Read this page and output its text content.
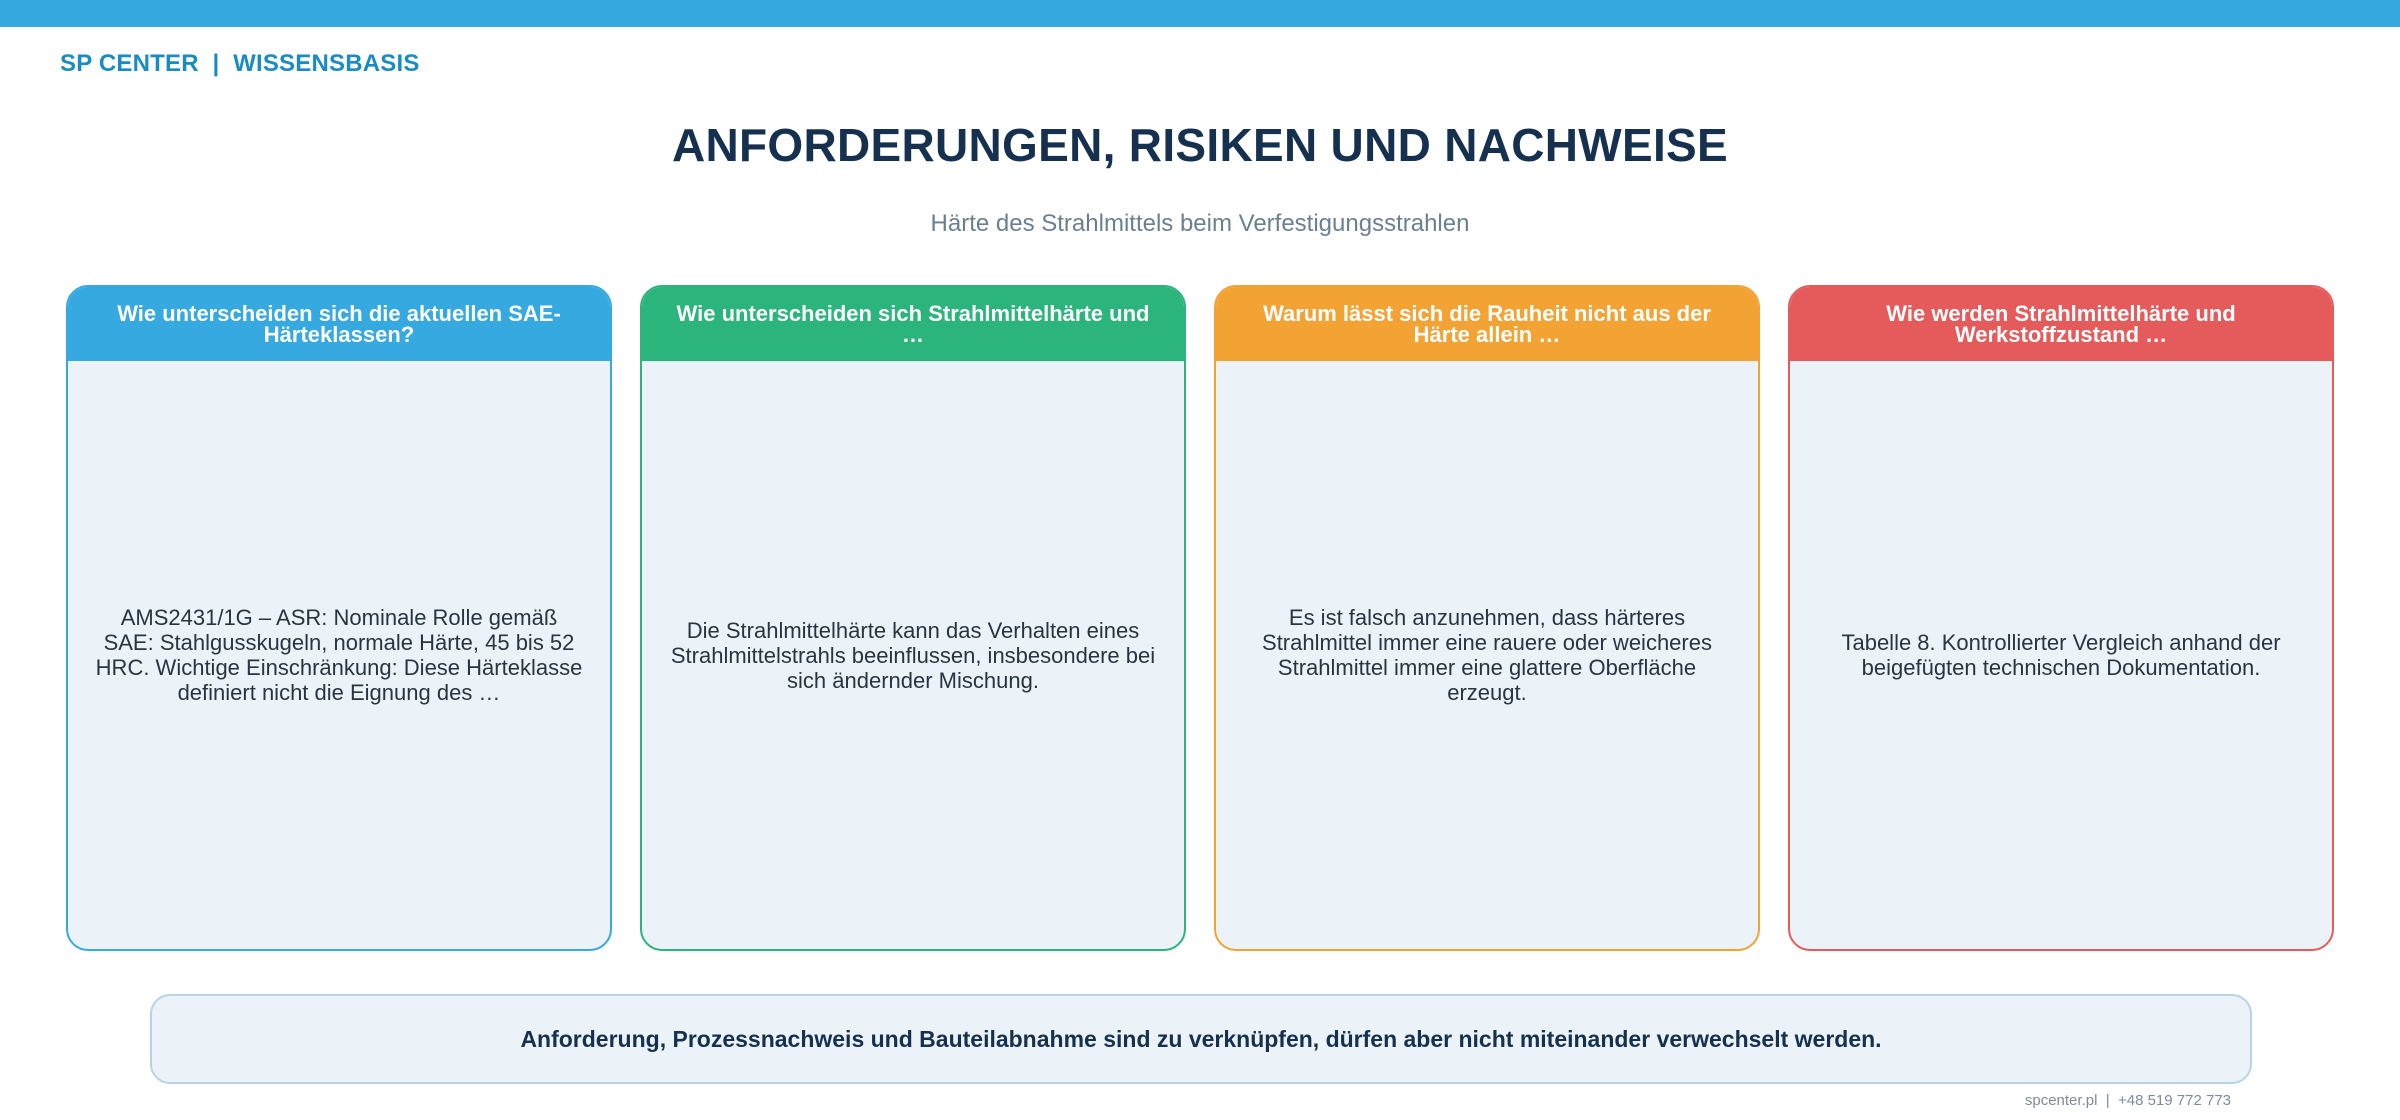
SP CENTER  |  WISSENSBASIS
ANFORDERUNGEN, RISIKEN UND NACHWEISE
Härte des Strahlmittels beim Verfestigungsstrahlen
Wie unterscheiden sich die aktuellen SAE-Härteklassen?
AMS2431/1G – ASR: Nominale Rolle gemäß SAE: Stahlgusskugeln, normale Härte, 45 bis 52 HRC. Wichtige Einschränkung: Diese Härteklasse definiert nicht die Eignung des …
Wie unterscheiden sich Strahlmittelhärte und …
Die Strahlmittelhärte kann das Verhalten eines Strahlmittelstrahls beeinflussen, insbesondere bei sich ändernder Mischung.
Warum lässt sich die Rauheit nicht aus der Härte allein …
Es ist falsch anzunehmen, dass härteres Strahlmittel immer eine rauere oder weicheres Strahlmittel immer eine glattere Oberfläche erzeugt.
Wie werden Strahlmittelhärte und Werkstoffzustand …
Tabelle 8. Kontrollierter Vergleich anhand der beigefügten technischen Dokumentation.
Anforderung, Prozessnachweis und Bauteilabnahme sind zu verknüpfen, dürfen aber nicht miteinander verwechselt werden.
spcenter.pl  |  +48 519 772 773
